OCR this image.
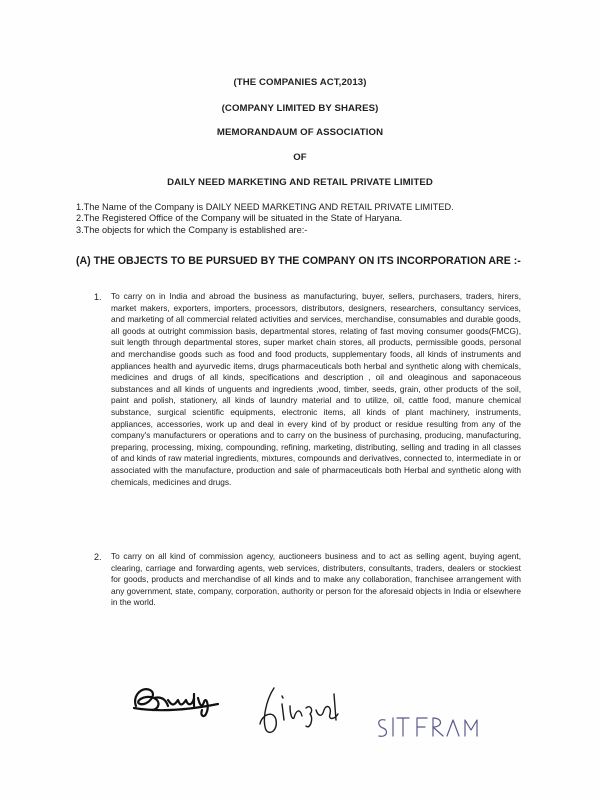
(THE COMPANIES ACT,2013)
(COMPANY LIMITED BY SHARES)
MEMORANDAUM OF ASSOCIATION
OF
DAILY NEED MARKETING AND RETAIL PRIVATE LIMITED
1.The Name of the Company is DAILY NEED MARKETING AND RETAIL PRIVATE LIMITED.
2.The Registered Office of the Company will be situated in the State of Haryana.
3.The objects for which the Company is established are:-
(A) THE OBJECTS TO BE PURSUED BY THE COMPANY ON ITS INCORPORATION ARE :-
1. To carry on in India and abroad the business as manufacturing, buyer, sellers, purchasers, traders, hirers, market makers, exporters, importers, processors, distributors, designers, researchers, consultancy services, and marketing of all commercial related activities and services, merchandise, consumables and durable goods, all goods at outright commission basis, departmental stores, relating of fast moving consumer goods(FMCG), suit length through departmental stores, super market chain stores, all products, permissible goods, personal and merchandise goods such as food and food products, supplementary foods, all kinds of instruments and appliances health and ayurvedic items, drugs pharmaceuticals both herbal and synthetic along with chemicals, medicines and drugs of all kinds, specifications and description , oil and oleaginous and saponaceous substances and all kinds of unguents and ingredients ,wood, timber, seeds, grain, other products of the soil, paint and polish, stationery, all kinds of laundry material and to utilize, oil, cattle food, manure chemical substance, surgical scientific equipments, electronic items, all kinds of plant machinery, instruments, appliances, accessories, work up and deal in every kind of by product or residue resulting from any of the company's manufacturers or operations and to carry on the business of purchasing, producing, manufacturing, preparing, processing, mixing, compounding, refining, marketing, distributing, selling and trading in all classes of and kinds of raw material ingredients, mixtures, compounds and derivatives, connected to, intermediate in or associated with the manufacture, production and sale of pharmaceuticals both Herbal and synthetic along with chemicals, medicines and drugs.
2. To carry on all kind of commission agency, auctioneers business and to act as selling agent, buying agent, clearing, carriage and forwarding agents, web services, distributers, consultants, traders, dealers or stockiest for goods, products and merchandise of all kinds and to make any collaboration, franchisee arrangement with any government, state, company, corporation, authority or person for the aforesaid objects in India or elsewhere in the world.
